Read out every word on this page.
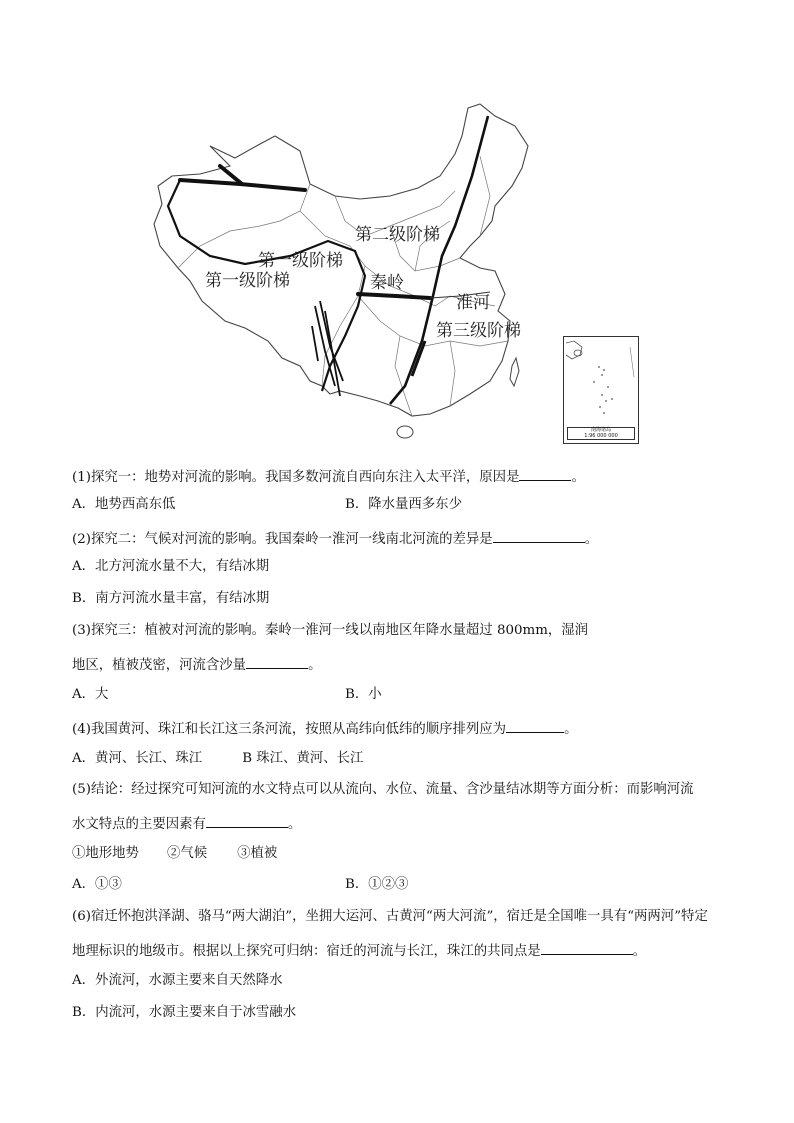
第二级阶梯
第一级阶梯
第一级阶梯	秦岭
淮河
第三级阶梯
南海诸岛
1:96 000 000
(1)探究一：地势对河流的影响。我国多数河流自西向东注入太平洋，原因是	。
A．地势西高东低	B．降水量西多东少
(2)探究二：气候对河流的影响。我国秦岭一淮河一线南北河流的差异是	。
A．北方河流水量不大，有结冰期
B．南方河流水量丰富，有结冰期
(3)探究三：植被对河流的影响。秦岭一淮河一线以南地区年降水量超过 800mm，湿润
地区，植被茂密，河流含沙量	。
A．大	B．小
(4)我国黄河、珠江和长江这三条河流，按照从高纬向低纬的顺序排列应为	。
A．黄河、长江、珠江	B 珠江、黄河、长江
(5)结论：经过探究可知河流的水文特点可以从流向、水位、流量、含沙量结冰期等方面分析：而影响河流
水文特点的主要因素有	。
①地形地势 ②气候 ③植被
A．①③	B．①②③
(6)宿迁怀抱洪泽湖、骆马“两大湖泊”，坐拥大运河、古黄河“两大河流”，宿迁是全国唯一具有“两两河”特定
地理标识的地级市。根据以上探究可归纳：宿迁的河流与长江，珠江的共同点是	。
A．外流河，水源主要来自天然降水
B．内流河，水源主要来自于冰雪融水
